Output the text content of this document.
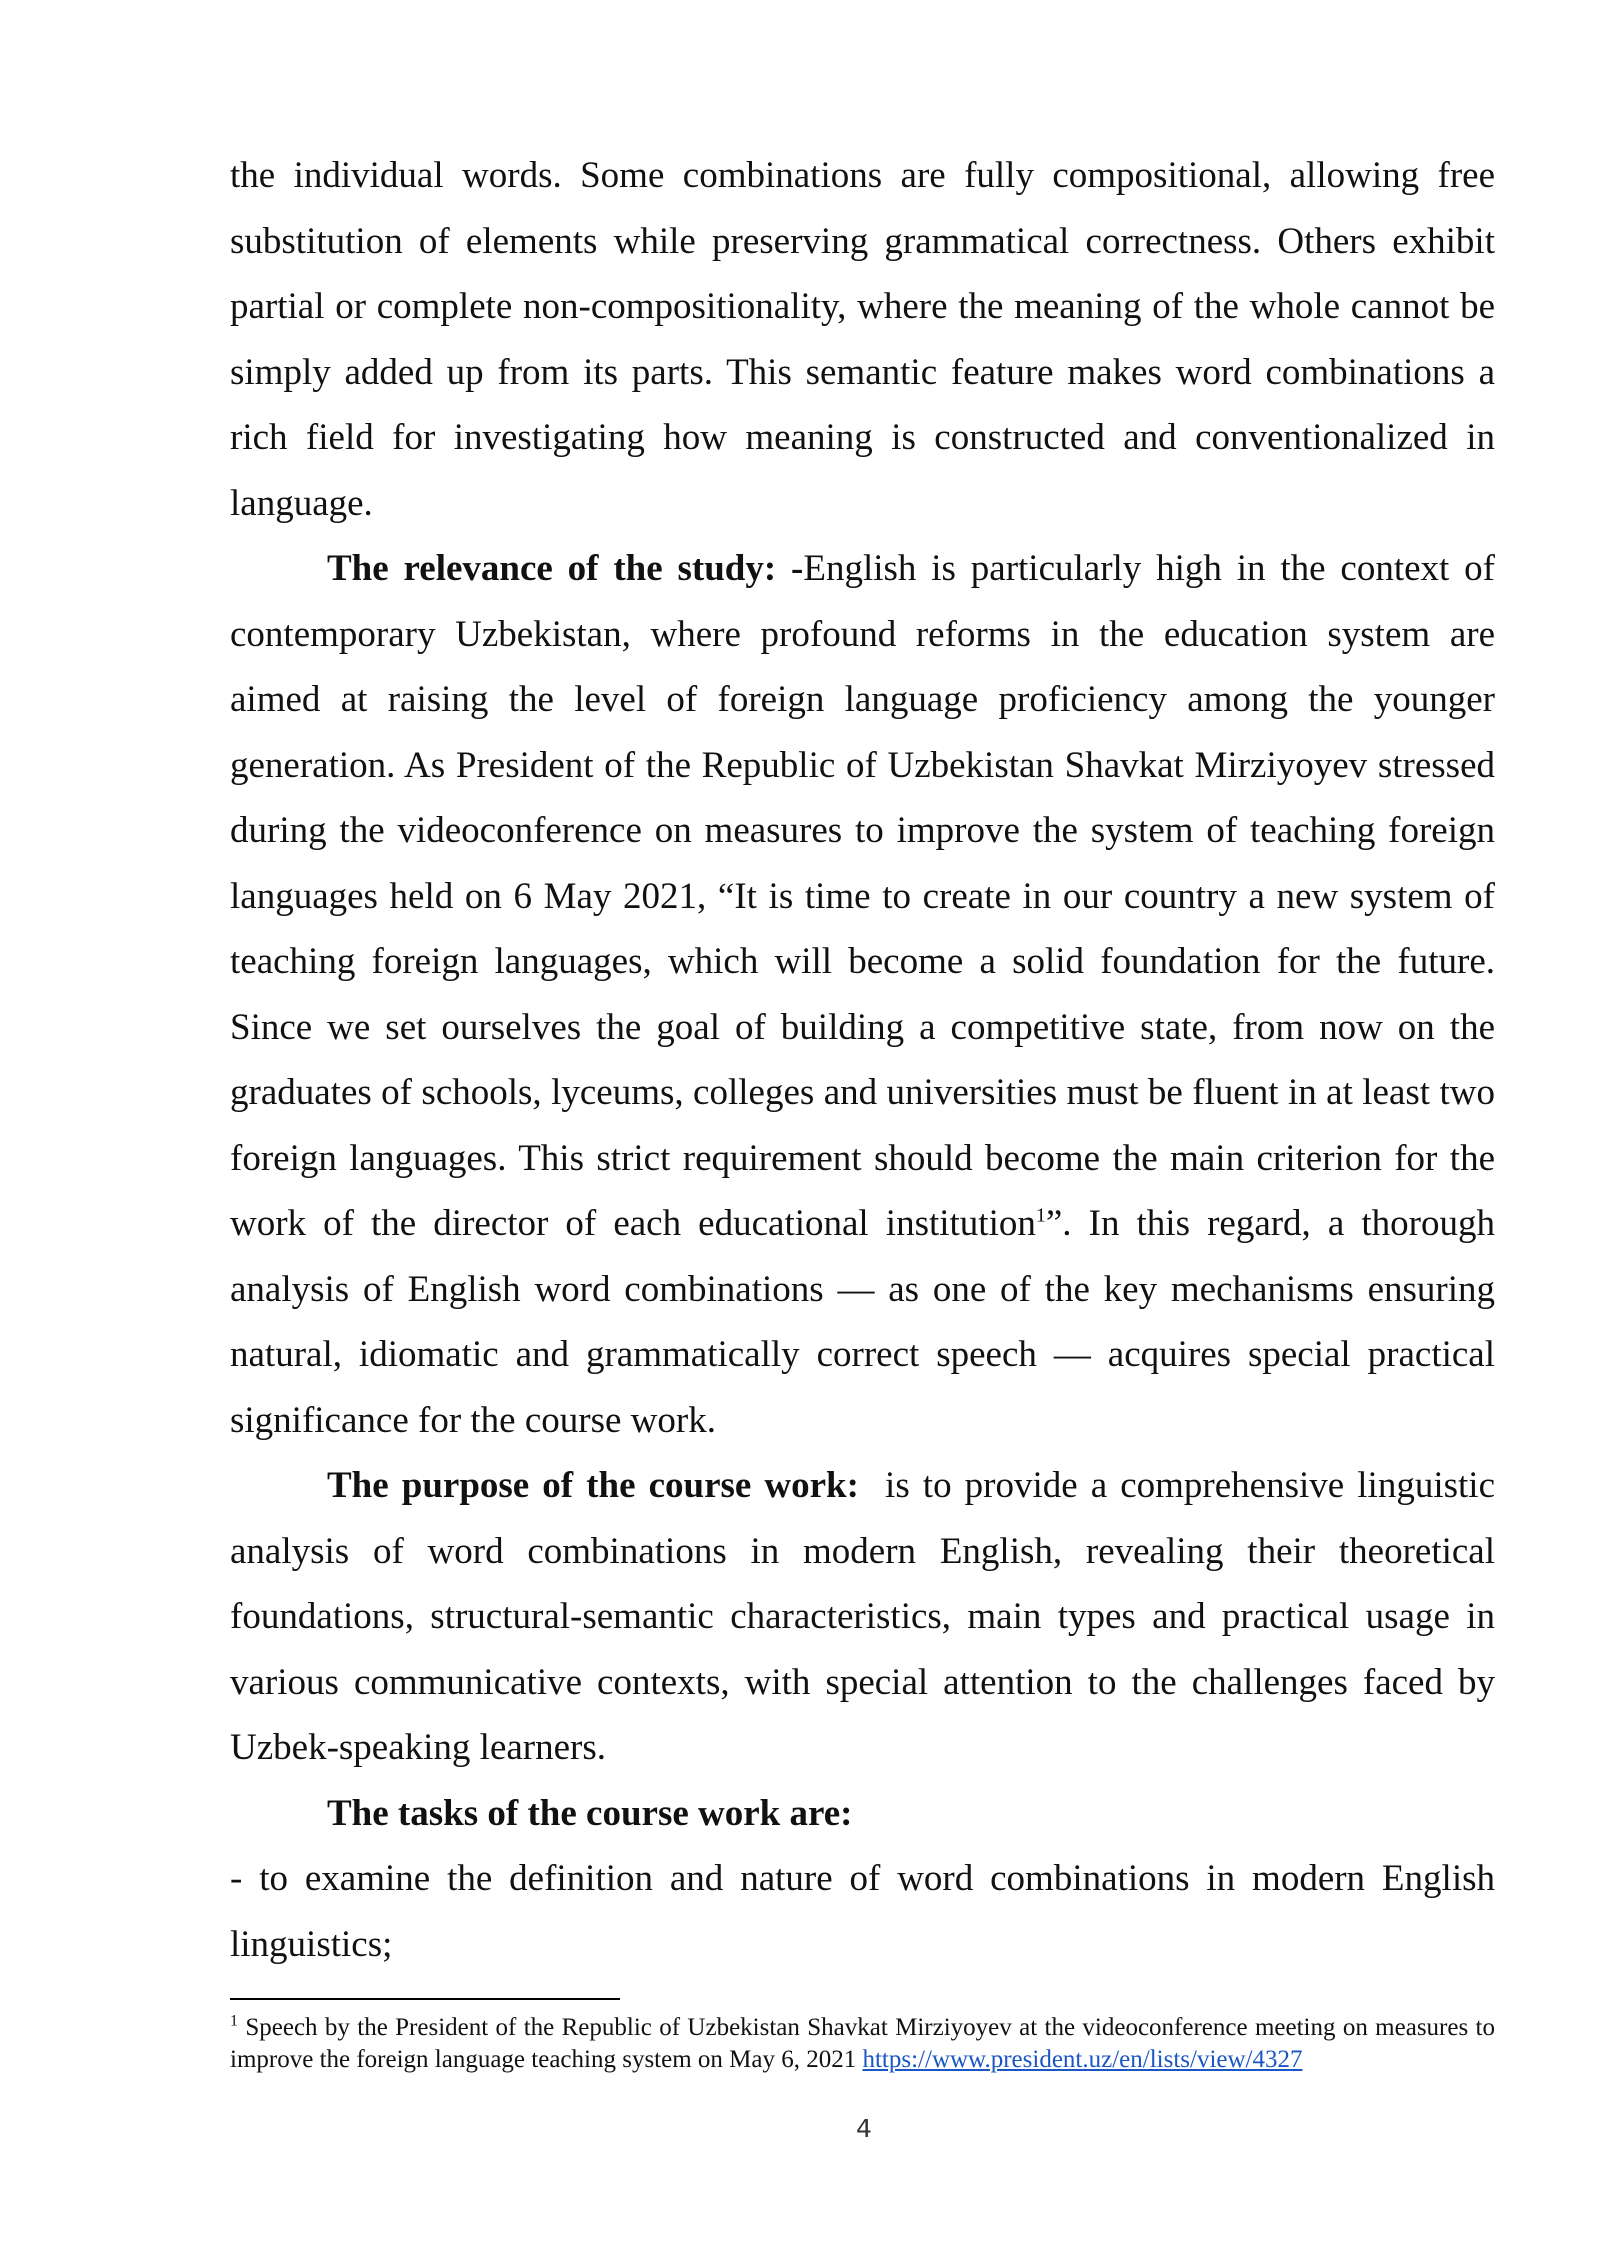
the individual words. Some combinations are fully compositional, allowing free substitution of elements while preserving grammatical correctness. Others exhibit partial or complete non-compositionality, where the meaning of the whole cannot be simply added up from its parts. This semantic feature makes word combinations a rich field for investigating how meaning is constructed and conventionalized in language.

The relevance of the study: -English is particularly high in the context of contemporary Uzbekistan, where profound reforms in the education system are aimed at raising the level of foreign language proficiency among the younger generation. As President of the Republic of Uzbekistan Shavkat Mirziyoyev stressed during the videoconference on measures to improve the system of teaching foreign languages held on 6 May 2021, “It is time to create in our country a new system of teaching foreign languages, which will become a solid foundation for the future. Since we set ourselves the goal of building a competitive state, from now on the graduates of schools, lyceums, colleges and universities must be fluent in at least two foreign languages. This strict requirement should become the main criterion for the work of the director of each educational institution$^1$”. In this regard, a thorough analysis of English word combinations — as one of the key mechanisms ensuring natural, idiomatic and grammatically correct speech — acquires special practical significance for the course work.

The purpose of the course work:  is to provide a comprehensive linguistic analysis of word combinations in modern English, revealing their theoretical foundations, structural-semantic characteristics, main types and practical usage in various communicative contexts, with special attention to the challenges faced by Uzbek-speaking learners.

The tasks of the course work are:

- to examine the definition and nature of word combinations in modern English linguistics;

$^1$ Speech by the President of the Republic of Uzbekistan Shavkat Mirziyoyev at the videoconference meeting on measures to improve the foreign language teaching system on May 6, 2021 https://www.president.uz/en/lists/view/4327

4
